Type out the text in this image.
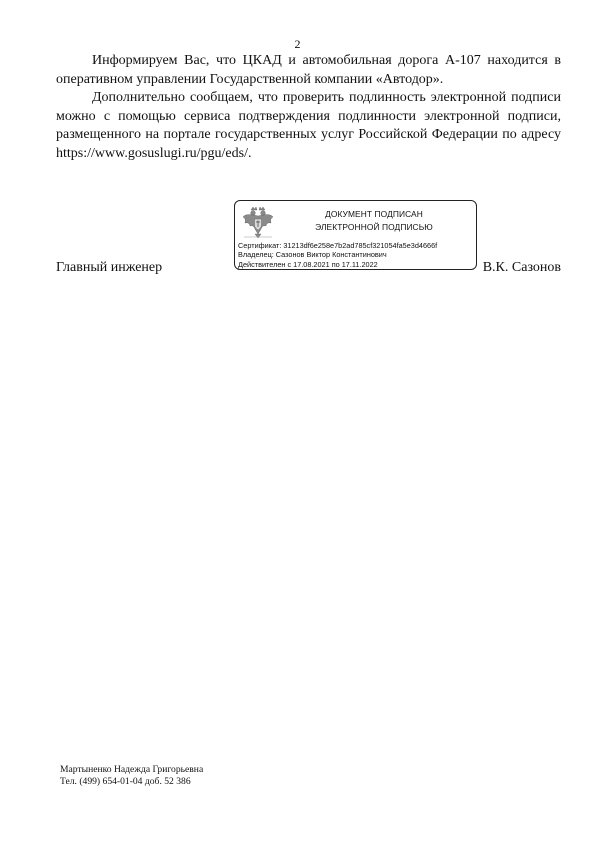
2

Информируем Вас, что ЦКАД и автомобильная дорога А-107 находится в оперативном управлении Государственной компании «Автодор».

Дополнительно сообщаем, что проверить подлинность электронной подписи можно с помощью сервиса подтверждения подлинности электронной подписи, размещенного на портале государственных услуг Российской Федерации по адресу https://www.gosuslugi.ru/pgu/eds/.

Главный инженер
ДОКУМЕНТ ПОДПИСАН
ЭЛЕКТРОННОЙ ПОДПИСЬЮ
Сертификат: 31213df6e258e7b2ad785cf321054fa5e3d4666f
Владелец: Сазонов Виктор Константинович
Действителен с 17.08.2021 по 17.11.2022	В.К. Сазонов
Мартыненко Надежда Григорьевна
Тел. (499) 654-01-04 доб. 52 386
